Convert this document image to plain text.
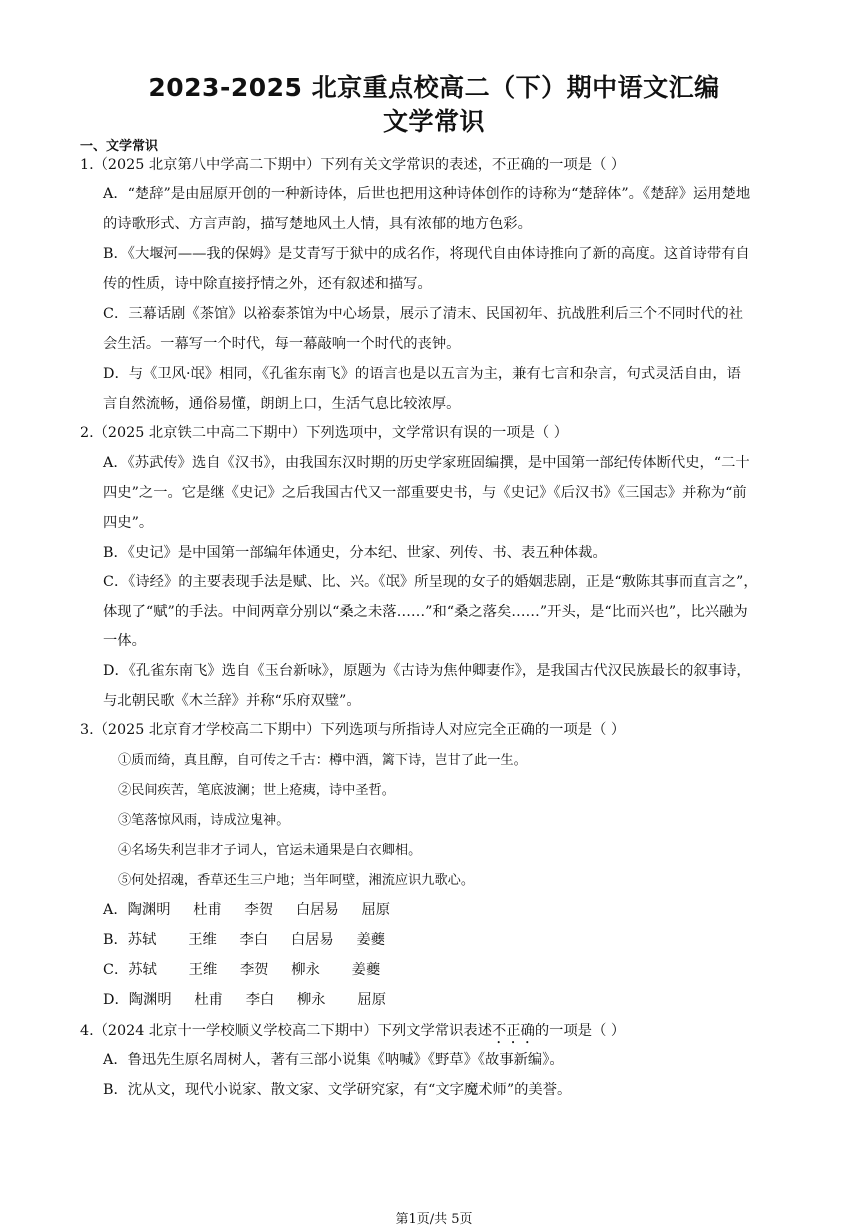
2023-2025 北京重点校高二（下）期中语文汇编
文学常识
一、文学常识
1.（2025 北京第八中学高二下期中）下列有关文学常识的表述，不正确的一项是（ ）
A．“楚辞”是由屈原开创的一种新诗体，后世也把用这种诗体创作的诗称为“楚辞体”。《楚辞》运用楚地
的诗歌形式、方言声韵，描写楚地风土人情，具有浓郁的地方色彩。
B．《大堰河——我的保姆》是艾青写于狱中的成名作，将现代自由体诗推向了新的高度。这首诗带有自
传的性质，诗中除直接抒情之外，还有叙述和描写。
C．三幕话剧《茶馆》以裕泰茶馆为中心场景，展示了清末、民国初年、抗战胜利后三个不同时代的社
会生活。一幕写一个时代，每一幕敲响一个时代的丧钟。
D．与《卫风·氓》相同，《孔雀东南飞》的语言也是以五言为主，兼有七言和杂言，句式灵活自由，语
言自然流畅，通俗易懂，朗朗上口，生活气息比较浓厚。
2.（2025 北京铁二中高二下期中）下列选项中，文学常识有误的一项是（ ）
A．《苏武传》选自《汉书》，由我国东汉时期的历史学家班固编撰，是中国第一部纪传体断代史，“二十
四史”之一。它是继《史记》之后我国古代又一部重要史书，与《史记》《后汉书》《三国志》并称为“前
四史”。
B．《史记》是中国第一部编年体通史，分本纪、世家、列传、书、表五种体裁。
C．《诗经》的主要表现手法是赋、比、兴。《氓》所呈现的女子的婚姻悲剧，正是“敷陈其事而直言之”，
体现了“赋”的手法。中间两章分别以“桑之未落……”和“桑之落矣……”开头，是“比而兴也”，比兴融为
一体。
D．《孔雀东南飞》选自《玉台新咏》，原题为《古诗为焦仲卿妻作》，是我国古代汉民族最长的叙事诗，
与北朝民歌《木兰辞》并称“乐府双璧”。
3.（2025 北京育才学校高二下期中）下列选项与所指诗人对应完全正确的一项是（ ）
①质而绮，真且醇，自可传之千古：樽中酒，篱下诗，岂甘了此一生。
②民间疾苦，笔底波澜；世上疮痍，诗中圣哲。
③笔落惊风雨，诗成泣鬼神。
④名场失利岂非才子词人，官运未通果是白衣卿相。
⑤何处招魂，香草还生三户地；当年呵壁，湘流应识九歌心。
A．陶渊明     杜甫     李贺     白居易     屈原
B．苏轼       王维     李白     白居易     姜夔
C．苏轼       王维     李贺     柳永       姜夔
D．陶渊明     杜甫     李白     柳永       屈原
4.（2024 北京十一学校顺义学校高二下期中）下列文学常识表述不正确的一项是（ ）
A．鲁迅先生原名周树人，著有三部小说集《呐喊》《野草》《故事新编》。
B．沈从文，现代小说家、散文家、文学研究家，有“文字魔术师”的美誉。
第1页/共 5页
